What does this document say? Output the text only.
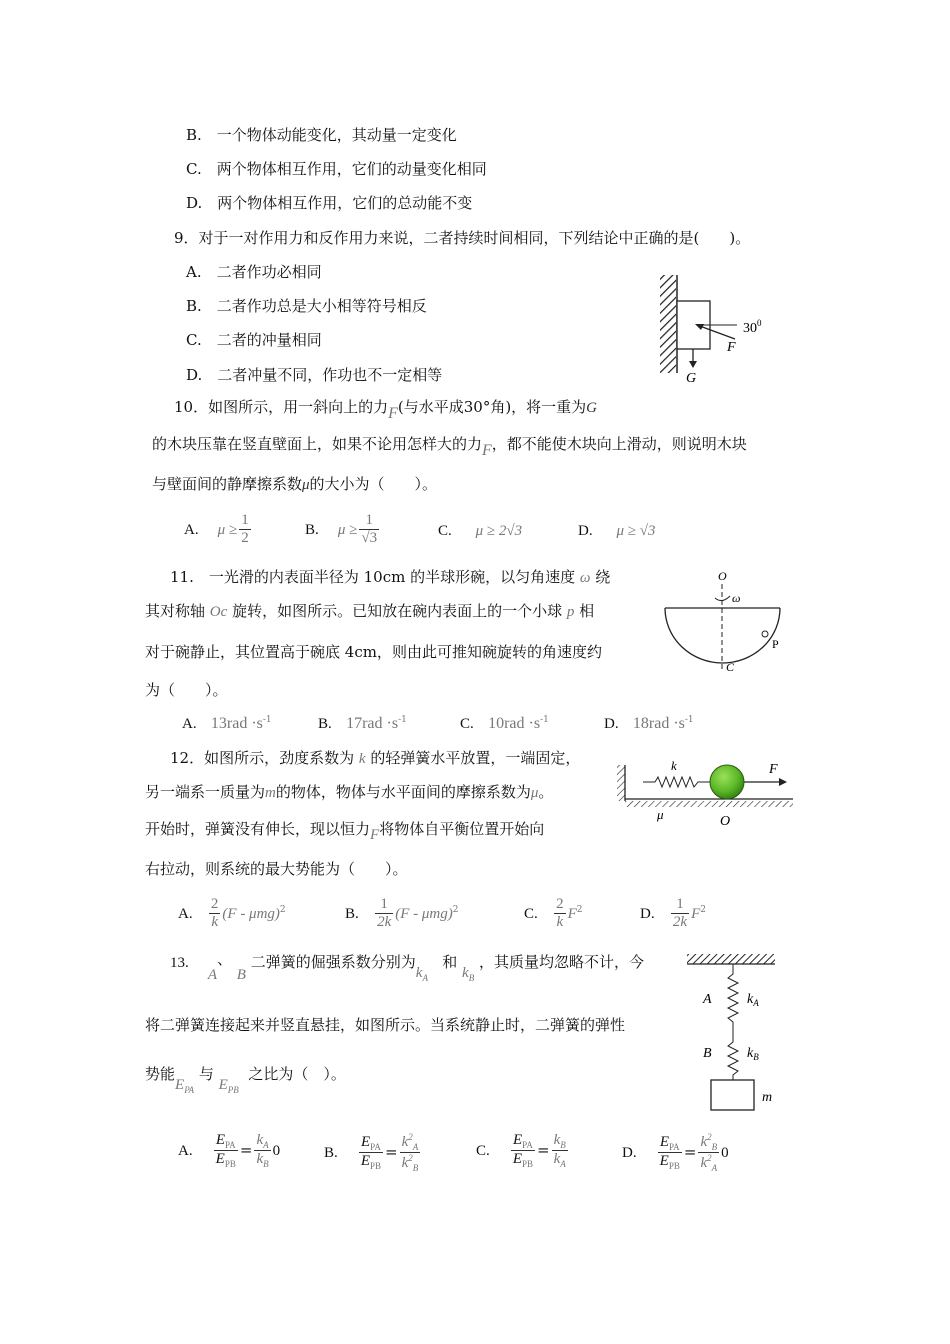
B. 一个物体动能变化，其动量一定变化
C. 两个物体相互作用，它们的动量变化相同
D. 两个物体相互作用，它们的总动能不变
9．对于一对作用力和反作用力来说，二者持续时间相同，下列结论中正确的是(  )。
A. 二者作功必相同
B. 二者作功总是大小相等符号相反
C. 二者的冲量相同
D. 二者冲量不同，作功也不一定相等
$30^0$
F
G
10．如图所示，用一斜向上的力F(与水平成30°角)，将一重为G
的木块压靠在竖直壁面上，如果不论用怎样大的力F，都不能使木块向上滑动，则说明木块
与壁面间的静摩擦系数μ的大小为（  ）。
A. $\mu \ge \frac{1}{2}$	B. $\mu \ge \frac{1}{√3}$	C. μ ≥ 2√3	D. μ ≥ √3
11. 一光滑的内表面半径为 10cm 的半球形碗，以匀角速度 ω 绕
其对称轴 Oc 旋转，如图所示。已知放在碗内表面上的一个小球 p 相
对于碗静止，其位置高于碗底 4cm，则由此可推知碗旋转的角速度约
为（  ）。
A. $13rad \cdot s^{-1}$	B. $17rad \cdot s^{-1}$	C. $10rad \cdot s^{-1}$	D. $18rad \cdot s^{-1}$
O
ω
P
C
12．如图所示，劲度系数为 k 的轻弹簧水平放置，一端固定，
另一端系一质量为m的物体，物体与水平面间的摩擦系数为μ。
开始时，弹簧没有伸长，现以恒力F将物体自平衡位置开始向
右拉动，则系统的最大势能为（  ）。
A. $\frac{2}{k} (F - \mu mg)^2$	B. $\frac{1}{2k} (F - \mu mg)^2$	C. $\frac{2}{k} F^2$	D. $\frac{1}{2k} F^2$
k	F
μ	O
13.    A、 B 二弹簧的倔强系数分别为$k_A$   和 $k_B$ ，其质量均忽略不计，今
将二弹簧连接起来并竖直悬挂，如图所示。当系统静止时，二弹簧的弹性
势能$E_{PA}$ 与 $E_{PB}$  之比为（ ）。
A
B
$k_A$
$k_B$
m
A. $\frac{E_{PA}}{E_{PB}} = \frac{k_A}{k_B} 0$	B. $\frac{E_{PA}}{E_{PB}} = \frac{k^2_A}{k^2_B}$	C. $\frac{E_{PA}}{E_{PB}} = \frac{k_B}{k_A}$	D. $\frac{E_{PA}}{E_{PB}} = \frac{k^2_B}{k^2_A} 0$
